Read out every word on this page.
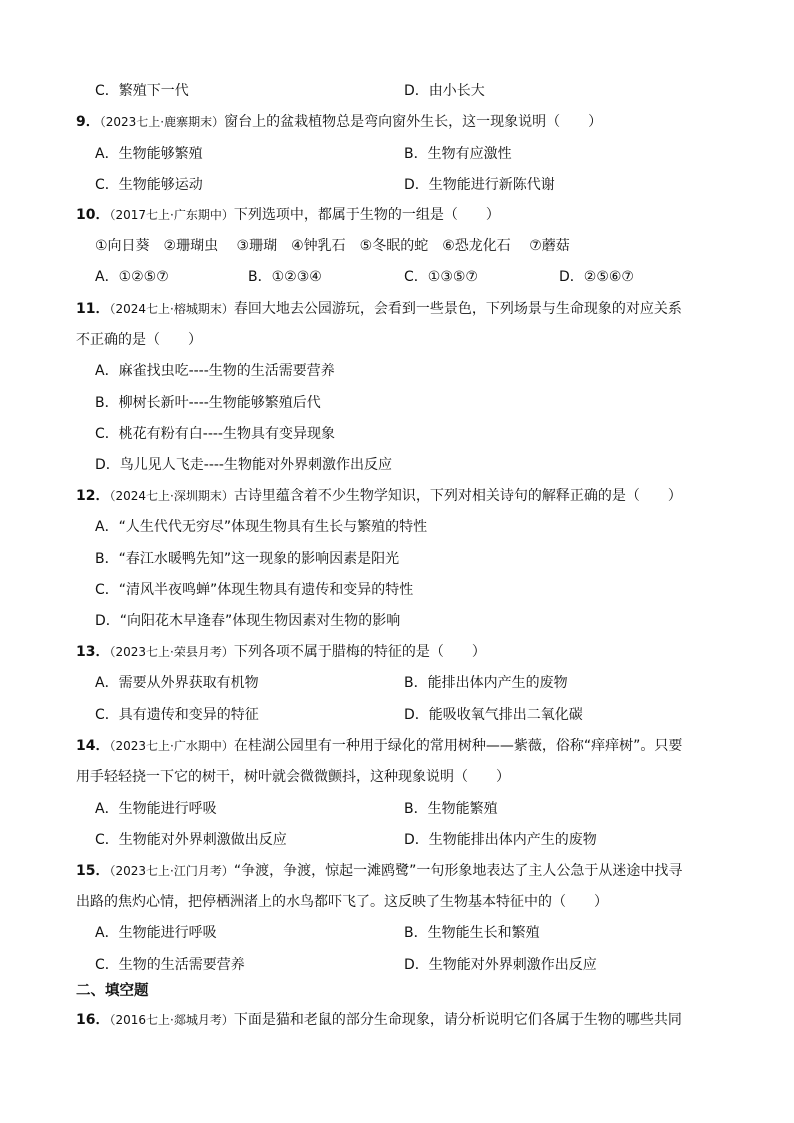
C．繁殖下一代	D．由小长大
9．（2023七上·鹿寨期末）窗台上的盆栽植物总是弯向窗外生长，这一现象说明（　　）
A．生物能够繁殖	B．生物有应激性
C．生物能够运动	D．生物能进行新陈代谢
10．（2017七上·广东期中）下列选项中，都属于生物的一组是（　　）
①向日葵　②珊瑚虫　 ③珊瑚　④钟乳石　⑤冬眠的蛇　⑥恐龙化石　 ⑦蘑菇
A．①②⑤⑦	B．①②③④	C．①③⑤⑦	D．②⑤⑥⑦
11．（2024七上·榕城期末）春回大地去公园游玩，会看到一些景色，下列场景与生命现象的对应关系
不正确的是（　　）
A．麻雀找虫吃----生物的生活需要营养
B．柳树长新叶----生物能够繁殖后代
C．桃花有粉有白----生物具有变异现象
D．鸟儿见人飞走----生物能对外界刺激作出反应
12．（2024七上·深圳期末）古诗里蕴含着不少生物学知识，下列对相关诗句的解释正确的是（　　）
A．“人生代代无穷尽”体现生物具有生长与繁殖的特性
B．“春江水暖鸭先知”这一现象的影响因素是阳光
C．“清风半夜鸣蝉”体现生物具有遗传和变异的特性
D．“向阳花木早逢春”体现生物因素对生物的影响
13．（2023七上·荣县月考）下列各项不属于腊梅的特征的是（　　）
A．需要从外界获取有机物	B．能排出体内产生的废物
C．具有遗传和变异的特征	D．能吸收氧气排出二氧化碳
14．（2023七上·广水期中）在桂湖公园里有一种用于绿化的常用树种——紫薇，俗称“痒痒树”。只要
用手轻轻挠一下它的树干，树叶就会微微颤抖，这种现象说明（　　）
A．生物能进行呼吸	B．生物能繁殖
C．生物能对外界刺激做出反应	D．生物能排出体内产生的废物
15．（2023七上·江门月考）“争渡，争渡，惊起一滩鸥鹭”一句形象地表达了主人公急于从迷途中找寻
出路的焦灼心情，把停栖洲渚上的水鸟都吓飞了。这反映了生物基本特征中的（　　）
A．生物能进行呼吸	B．生物能生长和繁殖
C．生物的生活需要营养	D．生物能对外界刺激作出反应
二、填空题
16．（2016七上·郯城月考）下面是猫和老鼠的部分生命现象，请分析说明它们各属于生物的哪些共同
